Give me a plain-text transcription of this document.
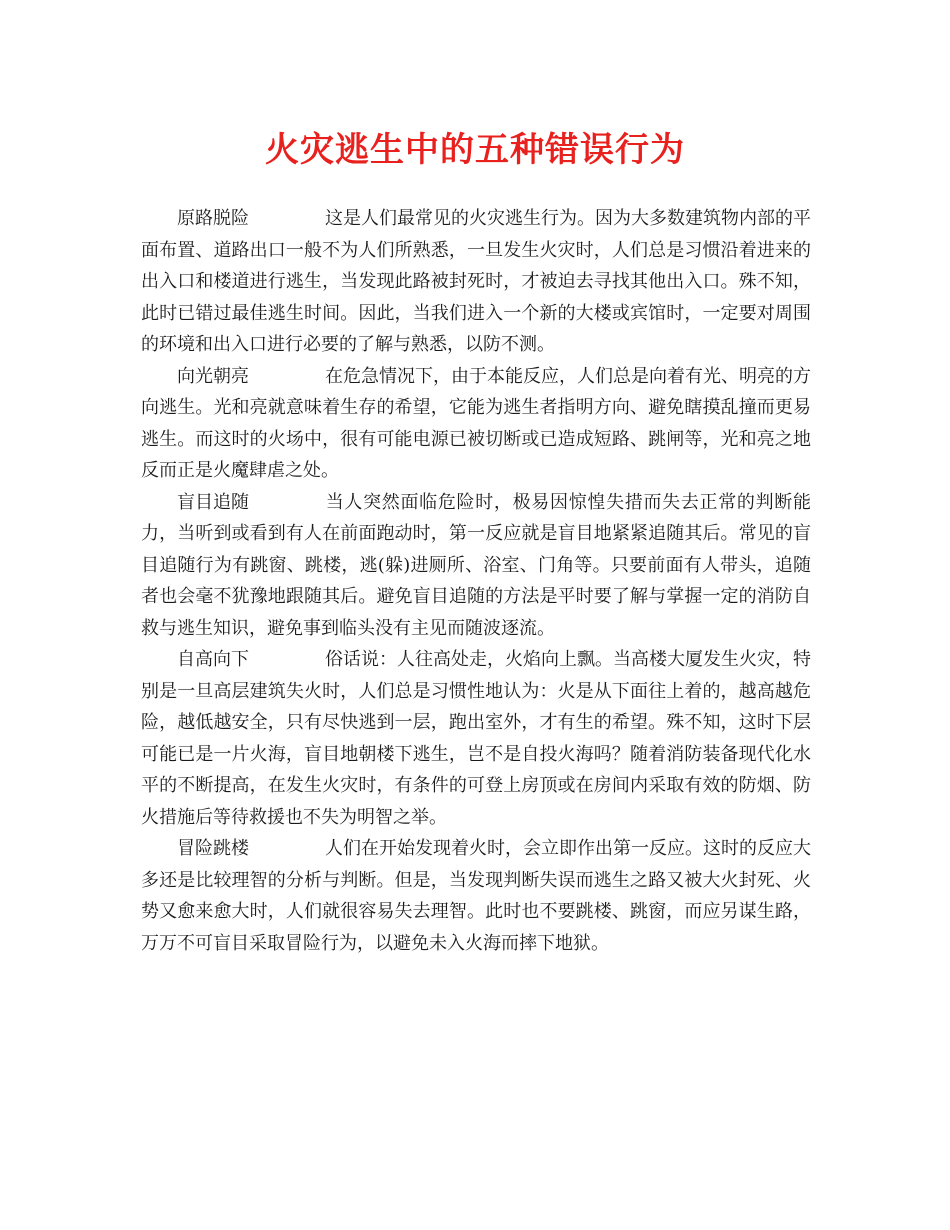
火灾逃生中的五种错误行为

原路脱险	这是人们最常见的火灾逃生行为。因为大多数建筑物内部的平面布置、道路出口一般不为人们所熟悉，一旦发生火灾时，人们总是习惯沿着进来的出入口和楼道进行逃生，当发现此路被封死时，才被迫去寻找其他出入口。殊不知，此时已错过最佳逃生时间。因此，当我们进入一个新的大楼或宾馆时，一定要对周围的环境和出入口进行必要的了解与熟悉，以防不测。

向光朝亮	在危急情况下，由于本能反应，人们总是向着有光、明亮的方向逃生。光和亮就意味着生存的希望，它能为逃生者指明方向、避免瞎摸乱撞而更易逃生。而这时的火场中，很有可能电源已被切断或已造成短路、跳闸等，光和亮之地反而正是火魔肆虐之处。

盲目追随	当人突然面临危险时，极易因惊惶失措而失去正常的判断能力，当听到或看到有人在前面跑动时，第一反应就是盲目地紧紧追随其后。常见的盲目追随行为有跳窗、跳楼，逃(躲)进厕所、浴室、门角等。只要前面有人带头，追随者也会毫不犹豫地跟随其后。避免盲目追随的方法是平时要了解与掌握一定的消防自救与逃生知识，避免事到临头没有主见而随波逐流。

自高向下	俗话说：人往高处走，火焰向上飘。当高楼大厦发生火灾，特别是一旦高层建筑失火时，人们总是习惯性地认为：火是从下面往上着的，越高越危险，越低越安全，只有尽快逃到一层，跑出室外，才有生的希望。殊不知，这时下层可能已是一片火海，盲目地朝楼下逃生，岂不是自投火海吗？随着消防装备现代化水平的不断提高，在发生火灾时，有条件的可登上房顶或在房间内采取有效的防烟、防火措施后等待救援也不失为明智之举。

冒险跳楼	人们在开始发现着火时，会立即作出第一反应。这时的反应大多还是比较理智的分析与判断。但是，当发现判断失误而逃生之路又被大火封死、火势又愈来愈大时，人们就很容易失去理智。此时也不要跳楼、跳窗，而应另谋生路，万万不可盲目采取冒险行为，以避免未入火海而摔下地狱。
